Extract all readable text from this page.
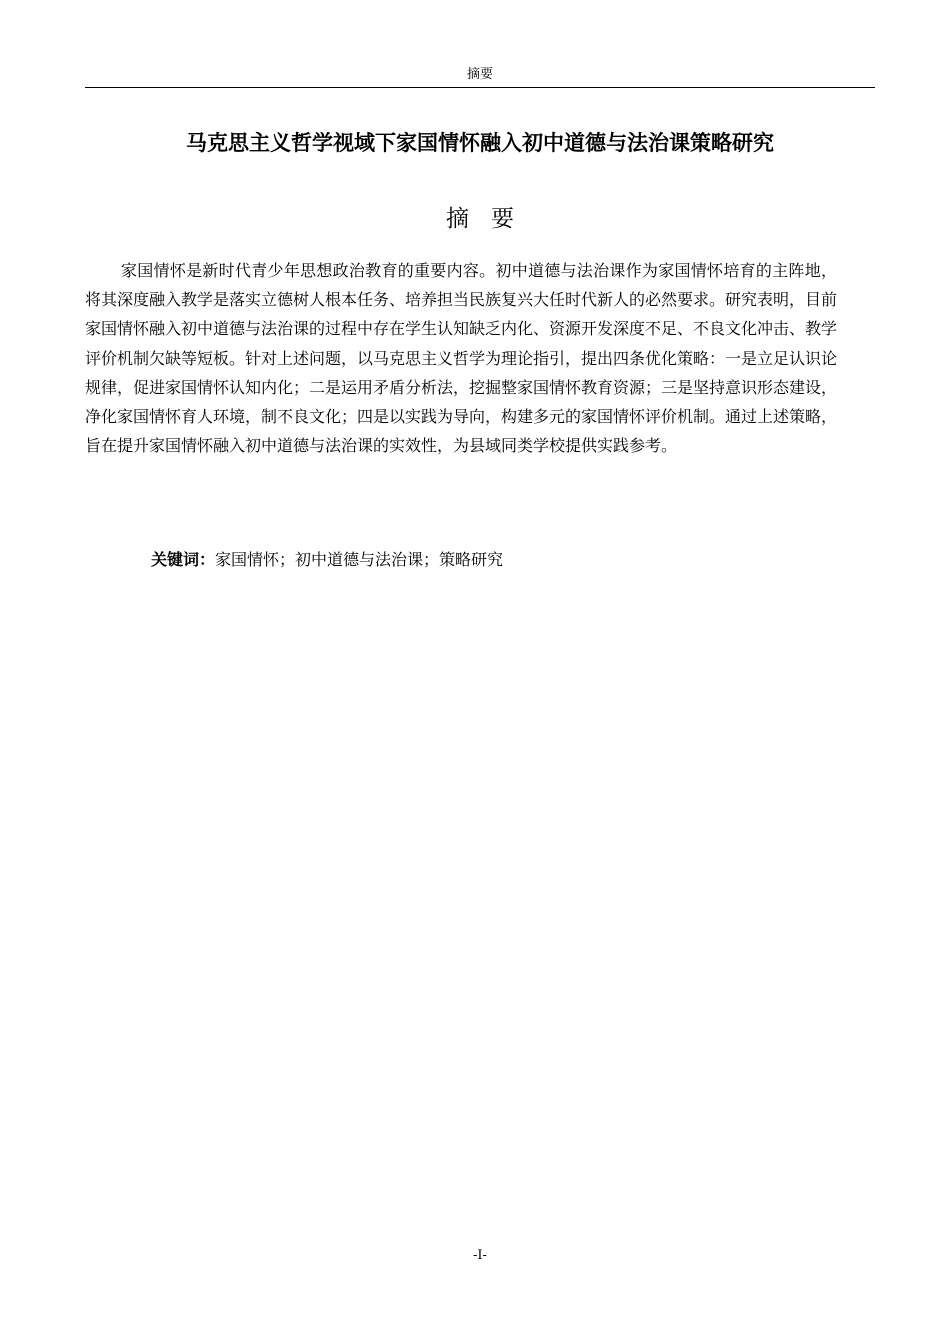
摘要
马克思主义哲学视域下家国情怀融入初中道德与法治课策略研究
摘要

家国情怀是新时代青少年思想政治教育的重要内容。初中道德与法治课作为家国情怀培育的主阵地，将其深度融入教学是落实立德树人根本任务、培养担当民族复兴大任时代新人的必然要求。研究表明，目前家国情怀融入初中道德与法治课的过程中存在学生认知缺乏内化、资源开发深度不足、不良文化冲击、教学评价机制欠缺等短板。针对上述问题，以马克思主义哲学为理论指引，提出四条优化策略：一是立足认识论规律，促进家国情怀认知内化；二是运用矛盾分析法，挖掘整家国情怀教育资源；三是坚持意识形态建设，净化家国情怀育人环境，制不良文化；四是以实践为导向，构建多元的家国情怀评价机制。通过上述策略，旨在提升家国情怀融入初中道德与法治课的实效性，为县域同类学校提供实践参考。

关键词：家国情怀；初中道德与法治课；策略研究
-I-
